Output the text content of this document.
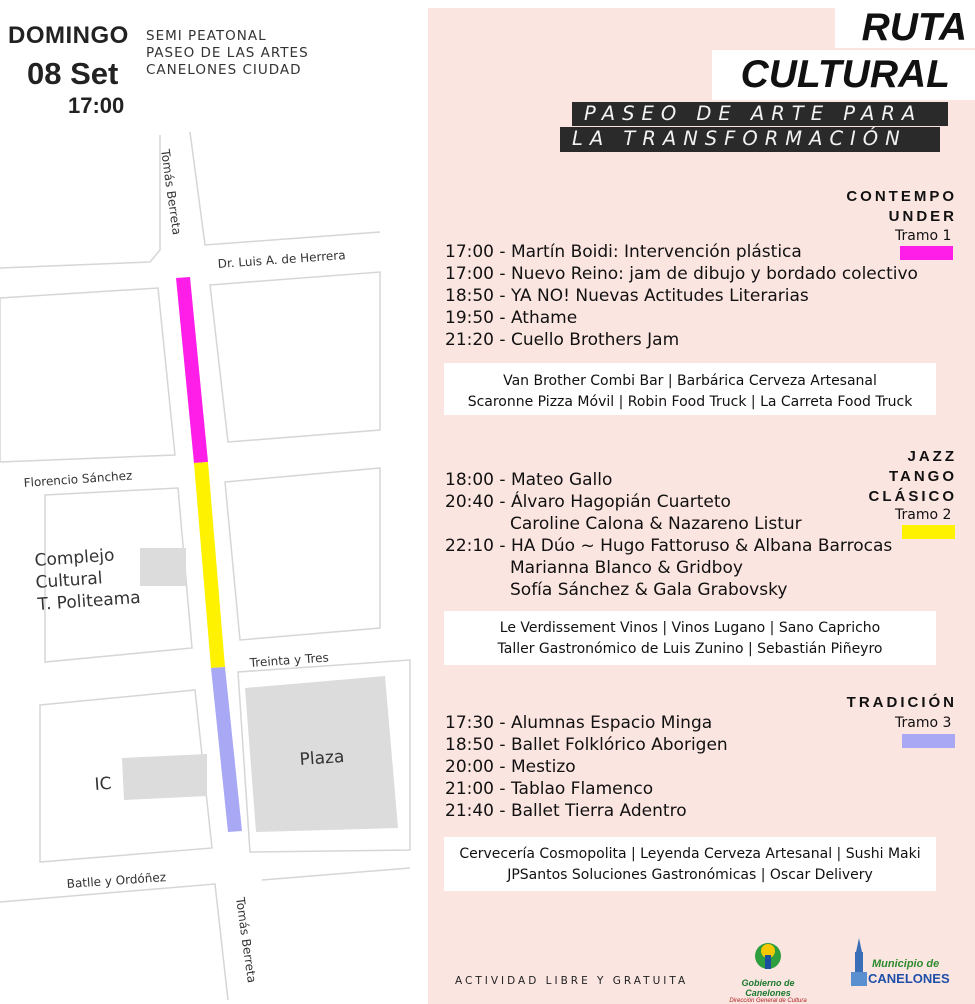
DOMINGO
08 Set
17:00
SEMI PEATONAL
PASEO DE LAS ARTES
CANELONES CIUDAD
Tomás Berreta
Dr. Luis A. de Herrera
Florencio Sánchez
Treinta y Tres
Batlle y Ordóñez
Tomás Berreta
Complejo
Cultural
T. Politeama
IC
Plaza
RUTA
CULTURAL
PASEO DE ARTE PARA
LA TRANSFORMACIÓN
CONTEMPO
UNDER
Tramo 1
17:00 - Martín Boidi: Intervención plástica
17:00 - Nuevo Reino: jam de dibujo y bordado colectivo
18:50 - YA NO! Nuevas Actitudes Literarias
19:50 - Athame
21:20 - Cuello Brothers Jam
Van Brother Combi Bar | Barbárica Cerveza Artesanal
Scaronne Pizza Móvil | Robin Food Truck | La Carreta Food Truck
JAZZ
TANGO
CLÁSICO
Tramo 2
18:00 - Mateo Gallo
20:40 - Álvaro Hagopián Cuarteto
Caroline Calona & Nazareno Listur
22:10 - HA Dúo ~ Hugo Fattoruso & Albana Barrocas
Marianna Blanco & Gridboy
Sofía Sánchez & Gala Grabovsky
Le Verdissement Vinos | Vinos Lugano | Sano Capricho
Taller Gastronómico de Luis Zunino | Sebastián Piñeyro
TRADICIÓN
Tramo 3
17:30 - Alumnas Espacio Minga
18:50 - Ballet Folklórico Aborigen
20:00 - Mestizo
21:00 - Tablao Flamenco
21:40 - Ballet Tierra Adentro
Cervecería Cosmopolita | Leyenda Cerveza Artesanal | Sushi Maki
JPSantos Soluciones Gastronómicas | Oscar Delivery
ACTIVIDAD LIBRE Y GRATUITA	Gobierno de Canelones
Dirección General de Cultura
Municipio de
CANELONES
